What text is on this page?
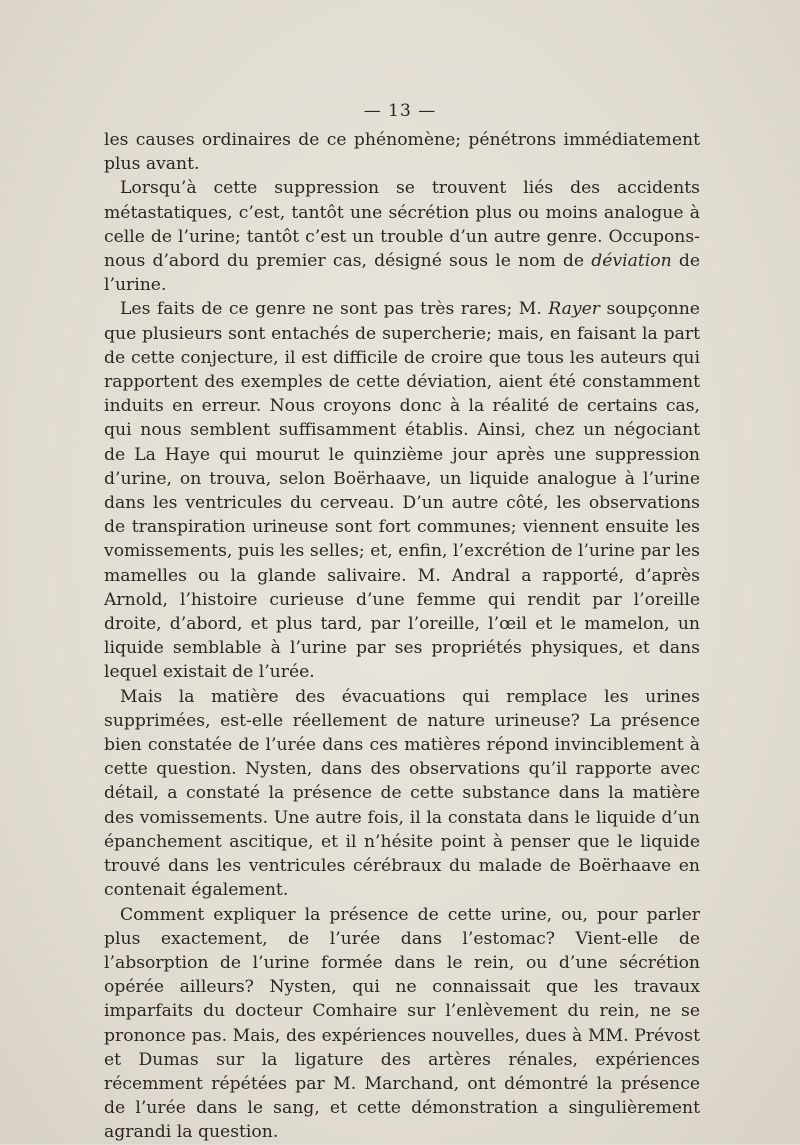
— 13 —

les causes ordinaires de ce phénomène; pénétrons immédiatement plus avant.

Lorsqu’à cette suppression se trouvent liés des accidents métastatiques, c’est, tantôt une sécrétion plus ou moins analogue à celle de l’urine; tantôt c’est un trouble d’un autre genre. Occupons-nous d’abord du premier cas, désigné sous le nom de déviation de l’urine.

Les faits de ce genre ne sont pas très rares; M. Rayer soupçonne que plusieurs sont entachés de supercherie; mais, en faisant la part de cette conjecture, il est difficile de croire que tous les auteurs qui rapportent des exemples de cette déviation, aient été constamment induits en erreur. Nous croyons donc à la réalité de certains cas, qui nous semblent suffisamment établis. Ainsi, chez un négociant de La Haye qui mourut le quinzième jour après une suppression d’urine, on trouva, selon Boërhaave, un liquide analogue à l’urine dans les ventricules du cerveau. D’un autre côté, les observations de transpiration urineuse sont fort communes; viennent ensuite les vomissements, puis les selles; et, enfin, l’excrétion de l’urine par les mamelles ou la glande salivaire. M. Andral a rapporté, d’après Arnold, l’histoire curieuse d’une femme qui rendit par l’oreille droite, d’abord, et plus tard, par l’oreille, l’œil et le mamelon, un liquide semblable à l’urine par ses propriétés physiques, et dans lequel existait de l’urée.

Mais la matière des évacuations qui remplace les urines supprimées, est-elle réellement de nature urineuse? La présence bien constatée de l’urée dans ces matières répond invinciblement à cette question. Nysten, dans des observations qu’il rapporte avec détail, a constaté la présence de cette substance dans la matière des vomissements. Une autre fois, il la constata dans le liquide d’un épanchement ascitique, et il n’hésite point à penser que le liquide trouvé dans les ventricules cérébraux du malade de Boërhaave en contenait également.

Comment expliquer la présence de cette urine, ou, pour parler plus exactement, de l’urée dans l’estomac? Vient-elle de l’absorption de l’urine formée dans le rein, ou d’une sécrétion opérée ailleurs? Nysten, qui ne connaissait que les travaux imparfaits du docteur Comhaire sur l’enlèvement du rein, ne se prononce pas. Mais, des expériences nouvelles, dues à MM. Prévost et Dumas sur la ligature des artères rénales, expériences récemment répétées par M. Marchand, ont démontré la présence de l’urée dans le sang, et cette démonstration a singulièrement agrandi la question.
